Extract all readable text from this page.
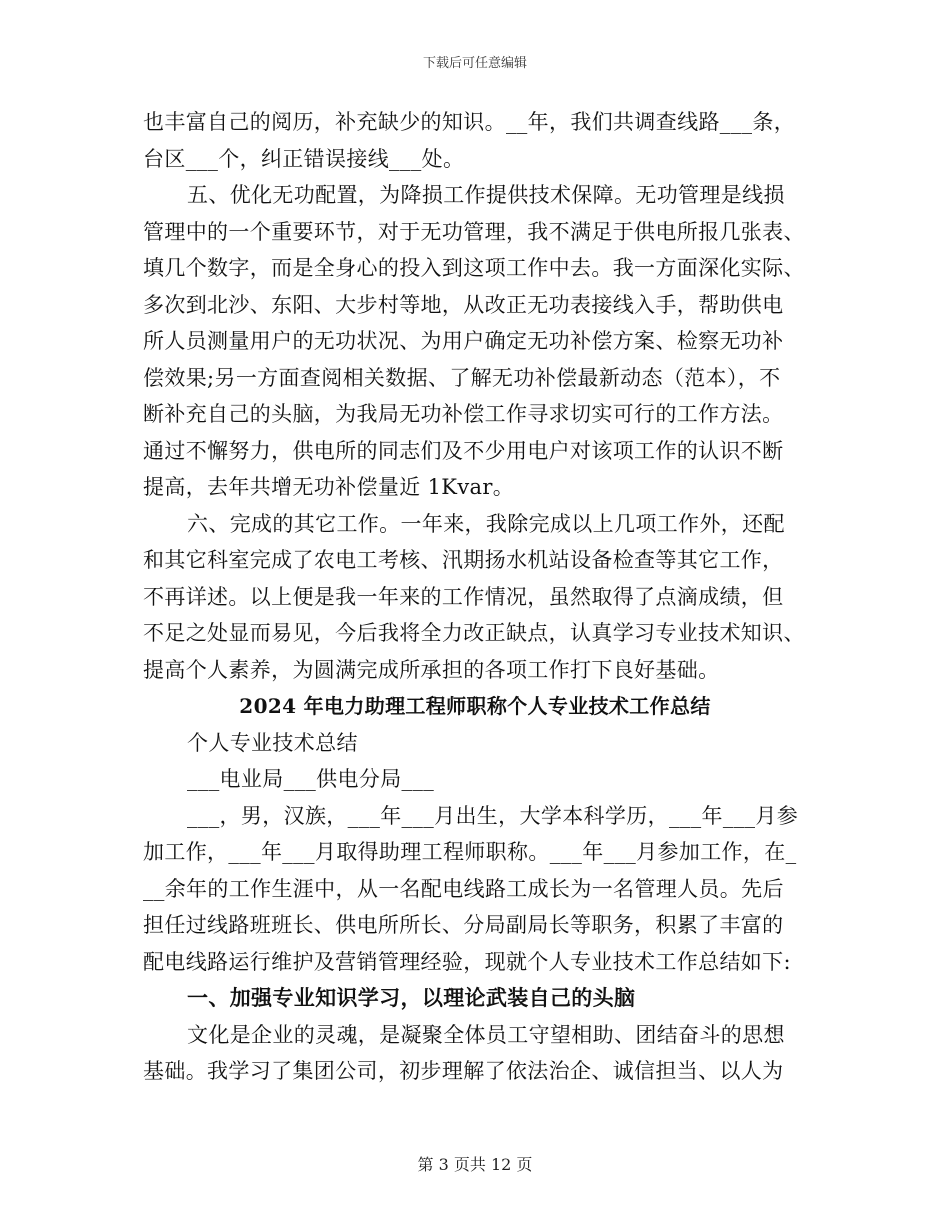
下载后可任意编辑
也丰富自己的阅历，补充缺少的知识。__年，我们共调查线路___条，
台区___个，纠正错误接线___处。
五、优化无功配置，为降损工作提供技术保障。无功管理是线损
管理中的一个重要环节，对于无功管理，我不满足于供电所报几张表、
填几个数字，而是全身心的投入到这项工作中去。我一方面深化实际、
多次到北沙、东阳、大步村等地，从改正无功表接线入手，帮助供电
所人员测量用户的无功状况、为用户确定无功补偿方案、检察无功补
偿效果;另一方面查阅相关数据、了解无功补偿最新动态（范本），不
断补充自己的头脑，为我局无功补偿工作寻求切实可行的工作方法。
通过不懈努力，供电所的同志们及不少用电户对该项工作的认识不断
提高，去年共增无功补偿量近 1Kvar。
六、完成的其它工作。一年来，我除完成以上几项工作外，还配
和其它科室完成了农电工考核、汛期扬水机站设备检查等其它工作，
不再详述。以上便是我一年来的工作情况，虽然取得了点滴成绩，但
不足之处显而易见，今后我将全力改正缺点，认真学习专业技术知识、
提高个人素养，为圆满完成所承担的各项工作打下良好基础。
2024 年电力助理工程师职称个人专业技术工作总结
个人专业技术总结
___电业局___供电分局___
___，男，汉族，___年___月出生，大学本科学历，___年___月参
加工作，___年___月取得助理工程师职称。___年___月参加工作，在_
__余年的工作生涯中，从一名配电线路工成长为一名管理人员。先后
担任过线路班班长、供电所所长、分局副局长等职务，积累了丰富的
配电线路运行维护及营销管理经验，现就个人专业技术工作总结如下:
一、加强专业知识学习，以理论武装自己的头脑
文化是企业的灵魂，是凝聚全体员工守望相助、团结奋斗的思想
基础。我学习了集团公司，初步理解了依法治企、诚信担当、以人为
第 3 页共 12 页
